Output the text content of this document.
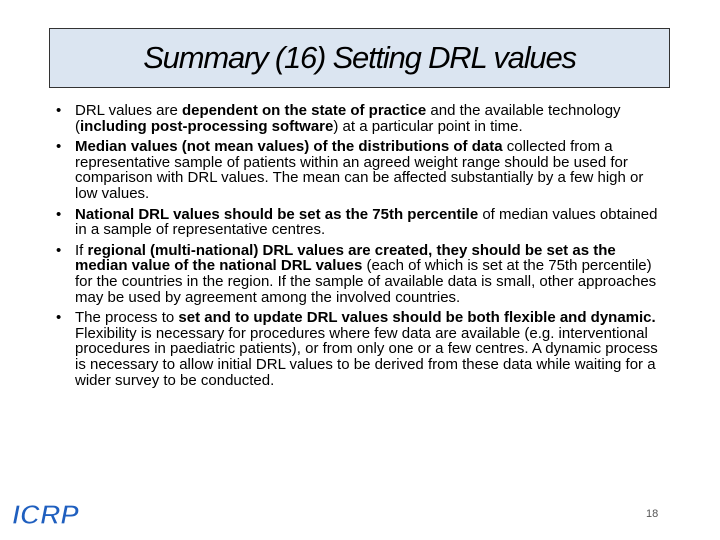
Summary (16) Setting DRL values
• DRL values are dependent on the state of practice and the available technology (including post-processing software) at a particular point in time.
• Median values (not mean values) of the distributions of data collected from a representative sample of patients within an agreed weight range should be used for comparison with DRL values. The mean can be affected substantially by a few high or low values.
• National DRL values should be set as the 75th percentile of median values obtained in a sample of representative centres.
• If regional (multi-national) DRL values are created, they should be set as the median value of the national DRL values (each of which is set at the 75th percentile) for the countries in the region. If the sample of available data is small, other approaches may be used by agreement among the involved countries.
• The process to set and to update DRL values should be both flexible and dynamic. Flexibility is necessary for procedures where few data are available (e.g. interventional procedures in paediatric patients), or from only one or a few centres. A dynamic process is necessary to allow initial DRL values to be derived from these data while waiting for a wider survey to be conducted.
ICRP	18
